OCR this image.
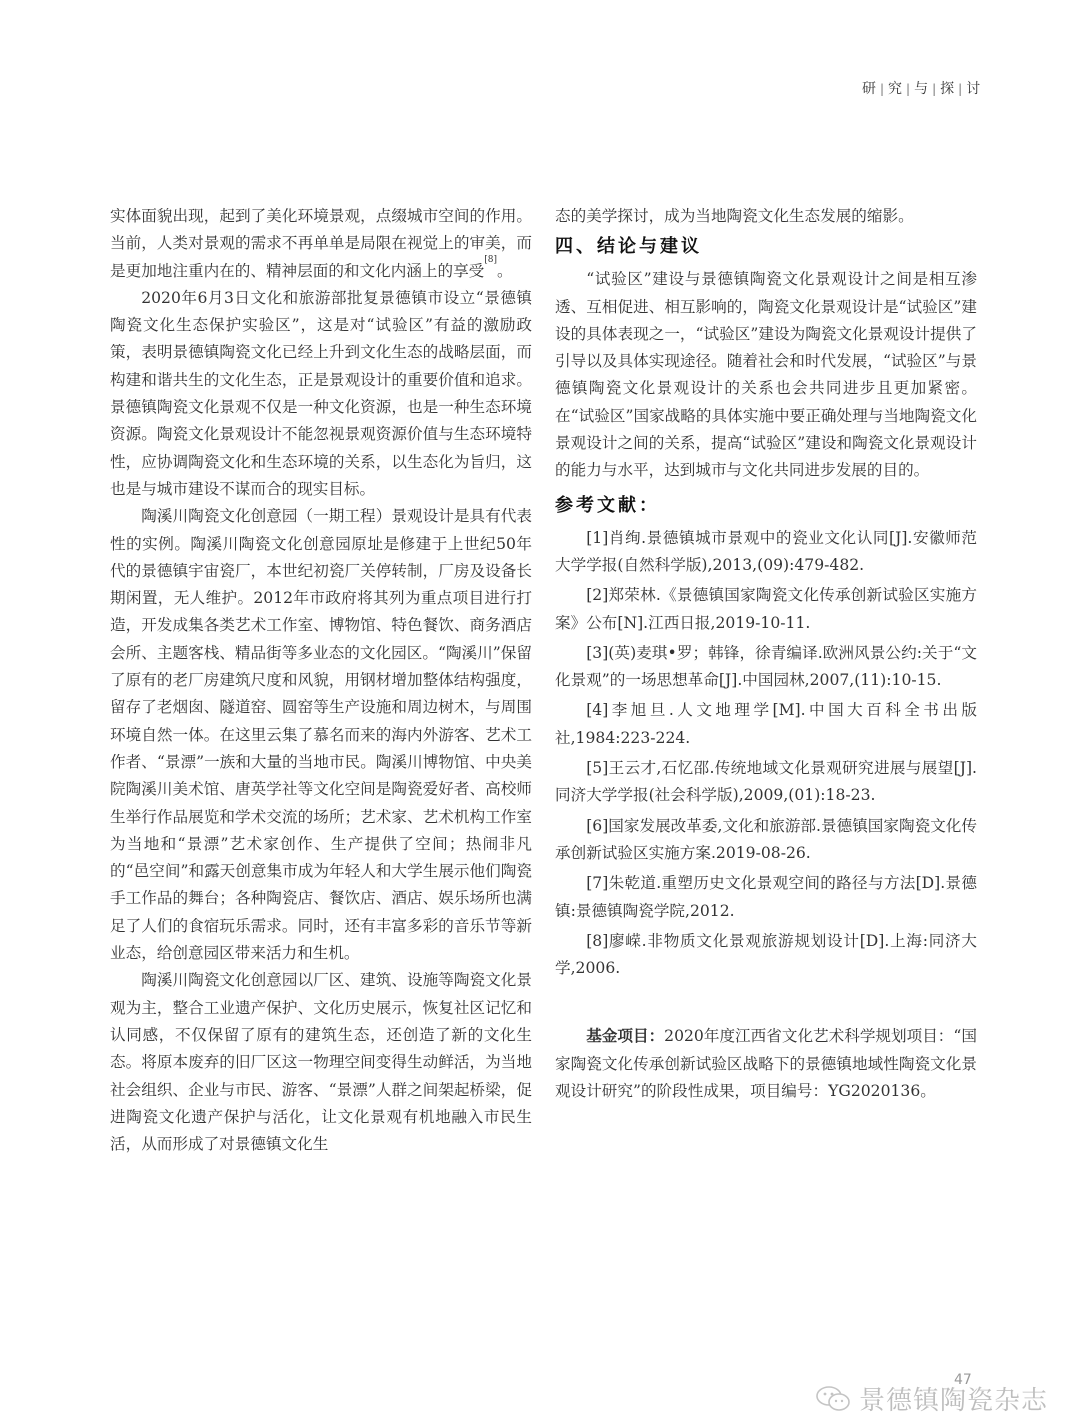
研 | 究 | 与 | 探 | 讨

实体面貌出现，起到了美化环境景观，点缀城市空间的作用。当前，人类对景观的需求不再单单是局限在视觉上的审美，而是更加地注重内在的、精神层面的和文化内涵上的享受[8]。

2020年6月3日文化和旅游部批复景德镇市设立“景德镇陶瓷文化生态保护实验区”，这是对“试验区”有益的激励政策，表明景德镇陶瓷文化已经上升到文化生态的战略层面，而构建和谐共生的文化生态，正是景观设计的重要价值和追求。景德镇陶瓷文化景观不仅是一种文化资源，也是一种生态环境资源。陶瓷文化景观设计不能忽视景观资源价值与生态环境特性，应协调陶瓷文化和生态环境的关系，以生态化为旨归，这也是与城市建设不谋而合的现实目标。

陶溪川陶瓷文化创意园（一期工程）景观设计是具有代表性的实例。陶溪川陶瓷文化创意园原址是修建于上世纪50年代的景德镇宇宙瓷厂，本世纪初瓷厂关停转制，厂房及设备长期闲置，无人维护。2012年市政府将其列为重点项目进行打造，开发成集各类艺术工作室、博物馆、特色餐饮、商务酒店会所、主题客栈、精品街等多业态的文化园区。“陶溪川”保留了原有的老厂房建筑尺度和风貌，用钢材增加整体结构强度，留存了老烟囱、隧道窑、圆窑等生产设施和周边树木，与周围环境自然一体。在这里云集了慕名而来的海内外游客、艺术工作者、“景漂”一族和大量的当地市民。陶溪川博物馆、中央美院陶溪川美术馆、唐英学社等文化空间是陶瓷爱好者、高校师生举行作品展览和学术交流的场所；艺术家、艺术机构工作室为当地和“景漂”艺术家创作、生产提供了空间；热闹非凡的“邑空间”和露天创意集市成为年轻人和大学生展示他们陶瓷手工作品的舞台；各种陶瓷店、餐饮店、酒店、娱乐场所也满足了人们的食宿玩乐需求。同时，还有丰富多彩的音乐节等新业态，给创意园区带来活力和生机。

陶溪川陶瓷文化创意园以厂区、建筑、设施等陶瓷文化景观为主，整合工业遗产保护、文化历史展示，恢复社区记忆和认同感，不仅保留了原有的建筑生态，还创造了新的文化生态。将原本废弃的旧厂区这一物理空间变得生动鲜活，为当地社会组织、企业与市民、游客、“景漂”人群之间架起桥梁，促进陶瓷文化遗产保护与活化，让文化景观有机地融入市民生活，从而形成了对景德镇文化生

态的美学探讨，成为当地陶瓷文化生态发展的缩影。

四、结论与建议

“试验区”建设与景德镇陶瓷文化景观设计之间是相互渗透、互相促进、相互影响的，陶瓷文化景观设计是“试验区”建设的具体表现之一，“试验区”建设为陶瓷文化景观设计提供了引导以及具体实现途径。随着社会和时代发展，“试验区”与景德镇陶瓷文化景观设计的关系也会共同进步且更加紧密。在“试验区”国家战略的具体实施中要正确处理与当地陶瓷文化景观设计之间的关系，提高“试验区”建设和陶瓷文化景观设计的能力与水平，达到城市与文化共同进步发展的目的。

参考文献：

[1]肖绚.景德镇城市景观中的瓷业文化认同[J].安徽师范大学学报(自然科学版),2013,(09):479-482.

[2]郑荣林.《景德镇国家陶瓷文化传承创新试验区实施方案》公布[N].江西日报,2019-10-11.

[3](英)麦琪•罗；韩锋，徐青编译.欧洲风景公约:关于“文化景观”的一场思想革命[J].中国园林,2007,(11):10-15.

[4]李旭旦.人文地理学[M].中国大百科全书出版社,1984:223-224.

[5]王云才,石忆邵.传统地域文化景观研究进展与展望[J].同济大学学报(社会科学版),2009,(01):18-23.

[6]国家发展改革委,文化和旅游部.景德镇国家陶瓷文化传承创新试验区实施方案.2019-08-26.

[7]朱乾道.重塑历史文化景观空间的路径与方法[D].景德镇:景德镇陶瓷学院,2012.

[8]廖嵘.非物质文化景观旅游规划设计[D].上海:同济大学,2006.

基金项目：2020年度江西省文化艺术科学规划项目：“国家陶瓷文化传承创新试验区战略下的景德镇地域性陶瓷文化景观设计研究”的阶段性成果，项目编号：YG2020136。

47
景德镇陶瓷杂志
